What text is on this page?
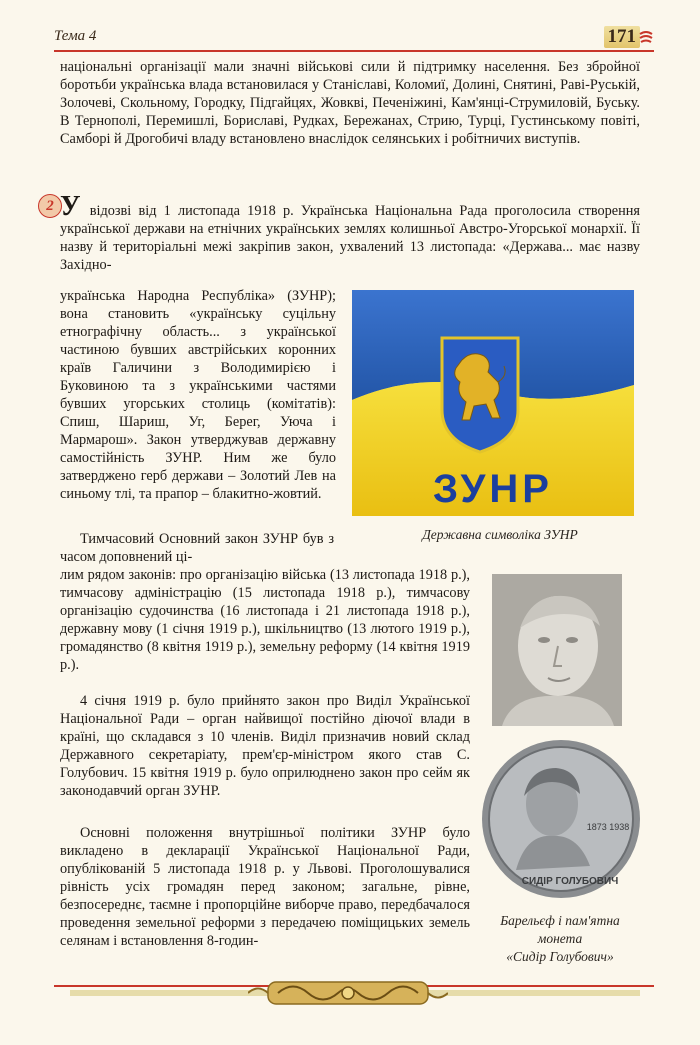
Тема 4	171
національні організації мали значні військові сили й підтримку населення. Без збройної боротьби українська влада встановилася у Станіславі, Коломиї, Долині, Снятині, Раві-Руській, Золочеві, Скольному, Городку, Підгайцях, Жовкві, Печеніжині, Кам'янці-Струмиловій, Буську. В Тернополі, Перемишлі, Бориславі, Рудках, Бережанах, Стрию, Турці, Густинському повіті, Самборі й Дрогобичі владу встановлено внаслідок селянських і робітничих виступів.
2 У відозві від 1 листопада 1918 р. Українська Національна Рада проголосила створення української держави на етнічних українських землях колишньої Австро-Угорської монархії. Її назву й територіальні межі закріпив закон, ухвалений 13 листопада: «Держава... має назву Західно-
українська Народна Республіка» (ЗУНР); вона становить «українську суцільну етнографічну область... з української частиною бувших австрійських коронних країв Галичини з Володимирією і Буковиною та з українськими частями бувших угорських столиць (комітатів): Спиш, Шариш, Уг, Берег, Уюча і Мармарош». Закон утверджував державну самостійність ЗУНР. Ним же було затверджено герб держави – Золотий Лев на синьому тлі, та прапор – блакитно-жовтий.
Тимчасовий Основний закон ЗУНР був з часом доповнений ці-
лим рядом законів: про організацію війська (13 листопада 1918 р.), тимчасову адміністрацію (15 листопада 1918 р.), тимчасову організацію судочинства (16 листопада і 21 листопада 1918 р.), державну мову (1 січня 1919 р.), шкільництво (13 лютого 1919 р.), громадянство (8 квітня 1919 р.), земельну реформу (14 квітня 1919 р.).
4 січня 1919 р. було прийнято закон про Виділ Української Національної Ради – орган найвищої постійно діючої влади в країні, що складався з 10 членів. Виділ призначив новий склад Державного секретаріату, прем'єр-міністром якого став С. Голубович. 15 квітня 1919 р. було оприлюднено закон про сейм як законодавчий орган ЗУНР.
Основні положення внутрішньої політики ЗУНР було викладено в декларації Української Національної Ради, опублікованій 5 листопада 1918 р. у Львові. Проголошувалися рівність усіх громадян перед законом; загальне, рівне, безпосереднє, таємне і пропорційне виборче право, передбачалося проведення земельної реформи з передачею поміщицьких земель селянам і встановлення 8-годин-
ЗУНР
Державна символіка ЗУНР
1873 1938
СИДІР ГОЛУБОВИЧ
Барельєф і пам'ятна
монета
«Сидір Голубович»
